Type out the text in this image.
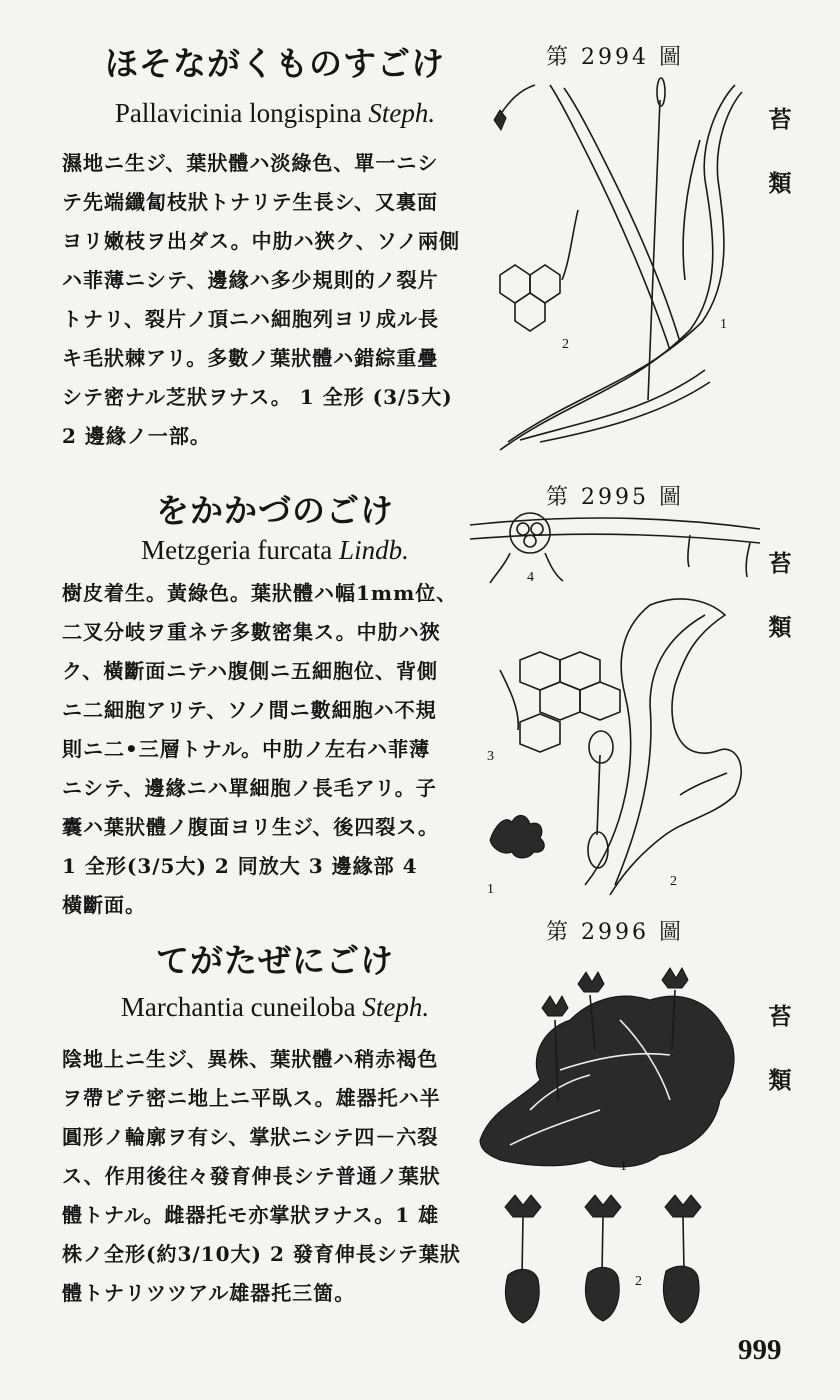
ほそながくものすごけ
Pallavicinia longispina Steph.
濕地ニ生ジ、葉狀體ハ淡綠色、單一ニシ
テ先端纖匐枝狀トナリテ生長シ、又裏面
ヨリ嫩枝ヲ出ダス。中肋ハ狹ク、ソノ兩側
ハ菲薄ニシテ、邊緣ハ多少規則的ノ裂片
トナリ、裂片ノ頂ニハ細胞列ヨリ成ル長
キ毛狀棘アリ。多數ノ葉狀體ハ錯綜重疊
シテ密ナル芝狀ヲナス。 1 全形 (3/5大)
2 邊緣ノ一部。
第 2994 圖
苔
類
2
1
をかかづのごけ
Metzgeria furcata Lindb.
樹皮着生。黃綠色。葉狀體ハ幅1mm位、
二叉分岐ヲ重ネテ多數密集ス。中肋ハ狹
ク、橫斷面ニテハ腹側ニ五細胞位、背側
ニ二細胞アリテ、ソノ間ニ數細胞ハ不規
則ニ二•三層トナル。中肋ノ左右ハ菲薄
ニシテ、邊緣ニハ單細胞ノ長毛アリ。子
囊ハ葉狀體ノ腹面ヨリ生ジ、後四裂ス。
1 全形(3/5大) 2 同放大 3 邊緣部 4
橫斷面。
第 2995 圖
苔
類
4
3
1
2
てがたぜにごけ
Marchantia cuneiloba Steph.
陰地上ニ生ジ、異株、葉狀體ハ稍赤褐色
ヲ帶ビテ密ニ地上ニ平臥ス。雄器托ハ半
圓形ノ輪廓ヲ有シ、掌狀ニシテ四－六裂
ス、作用後往々發育伸長シテ普通ノ葉狀
體トナル。雌器托モ亦掌狀ヲナス。1 雄
株ノ全形(約3/10大) 2 發育伸長シテ葉狀
體トナリツツアル雄器托三箇。
第 2996 圖
苔
類
1
2
999
